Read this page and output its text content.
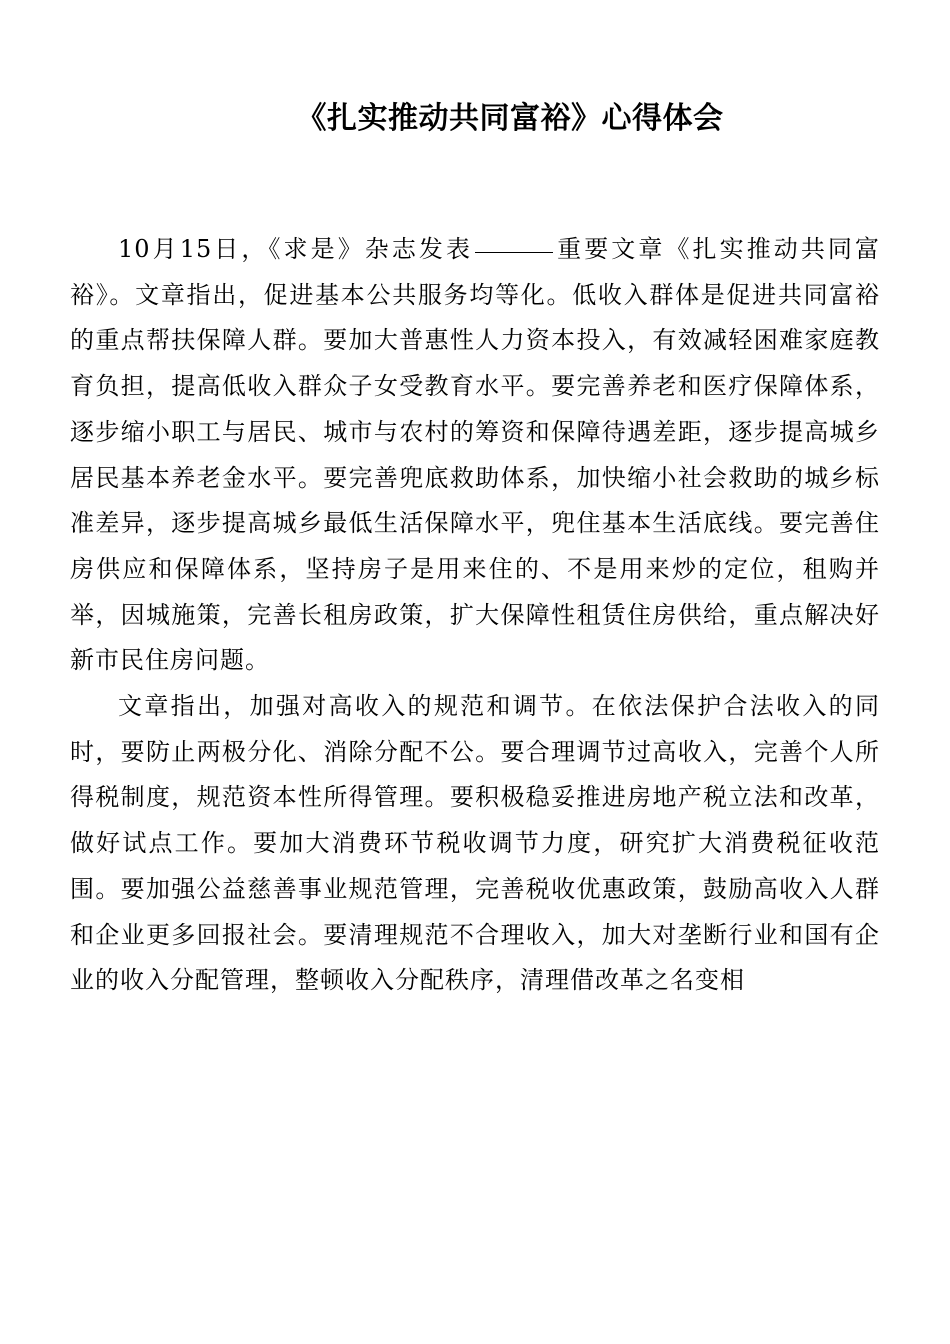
《扎实推动共同富裕》心得体会

10月15日，《求是》杂志发表	重要文章《扎实推动共同富裕》。文章指出，促进基本公共服务均等化。低收入群体是促进共同富裕的重点帮扶保障人群。要加大普惠性人力资本投入，有效减轻困难家庭教育负担，提高低收入群众子女受教育水平。要完善养老和医疗保障体系，逐步缩小职工与居民、城市与农村的筹资和保障待遇差距，逐步提高城乡居民基本养老金水平。要完善兜底救助体系，加快缩小社会救助的城乡标准差异，逐步提高城乡最低生活保障水平，兜住基本生活底线。要完善住房供应和保障体系，坚持房子是用来住的、不是用来炒的定位，租购并举，因城施策，完善长租房政策，扩大保障性租赁住房供给，重点解决好新市民住房问题。

文章指出，加强对高收入的规范和调节。在依法保护合法收入的同时，要防止两极分化、消除分配不公。要合理调节过高收入，完善个人所得税制度，规范资本性所得管理。要积极稳妥推进房地产税立法和改革，做好试点工作。要加大消费环节税收调节力度，研究扩大消费税征收范围。要加强公益慈善事业规范管理，完善税收优惠政策，鼓励高收入人群和企业更多回报社会。要清理规范不合理收入，加大对垄断行业和国有企业的收入分配管理，整顿收入分配秩序，清理借改革之名变相
